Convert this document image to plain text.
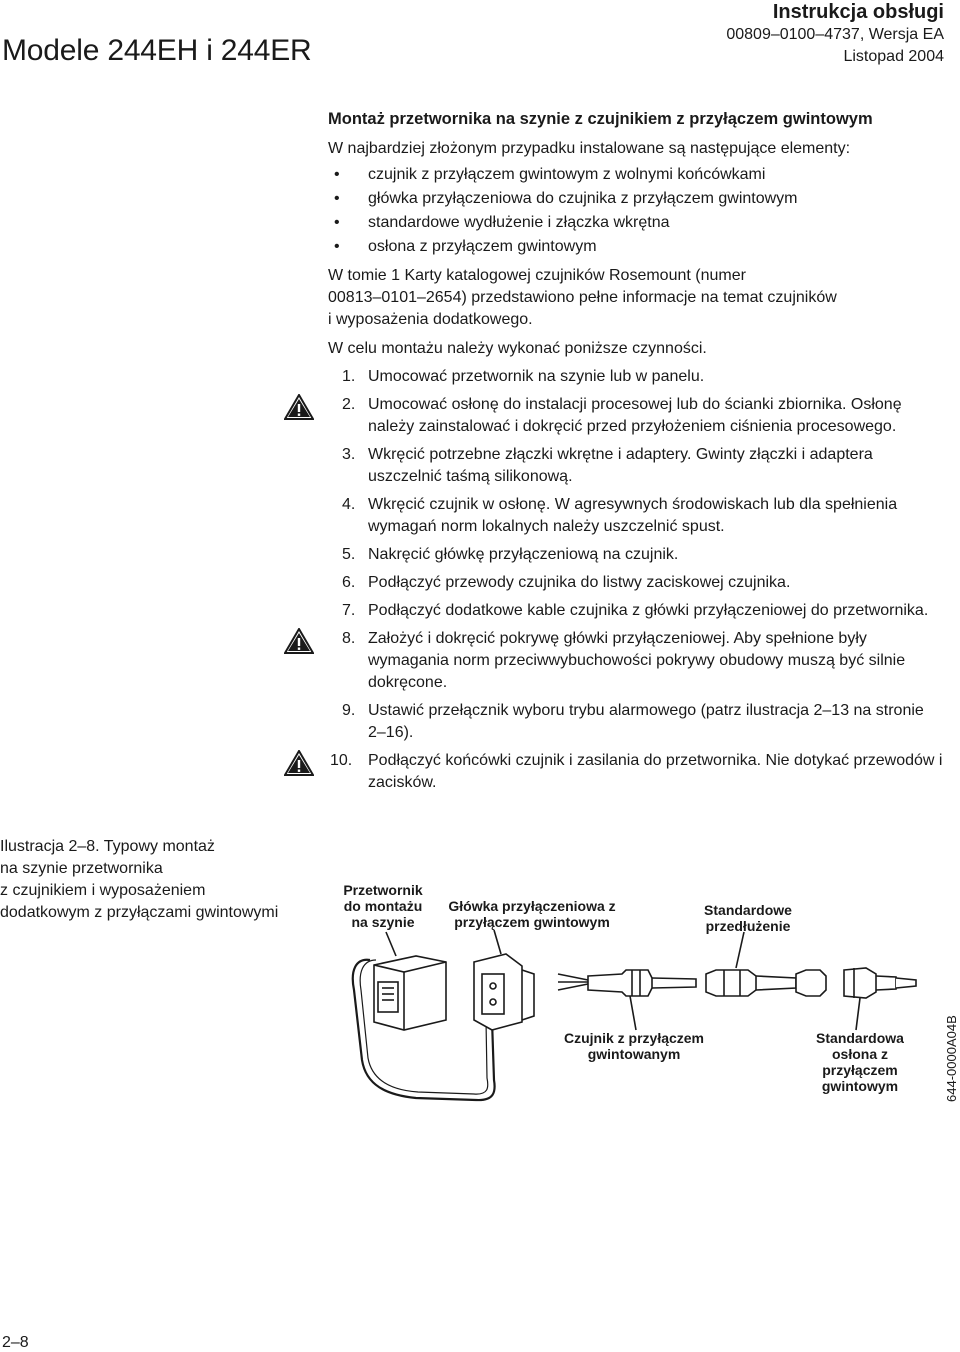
Modele 244EH i 244ER
Instrukcja obsługi
00809–0100–4737, Wersja EA
Listopad 2004
Montaż przetwornika na szynie z czujnikiem z przyłączem gwintowym

W najbardziej złożonym przypadku instalowane są następujące elementy:

• czujnik z przyłączem gwintowym z wolnymi końcówkami
• główka przyłączeniowa do czujnika z przyłączem gwintowym
• standardowe wydłużenie i złączka wkrętna
• osłona z przyłączem gwintowym

W tomie 1 Karty katalogowej czujników Rosemount (numer
00813–0101–2654) przedstawiono pełne informacje na temat czujników
i wyposażenia dodatkowego.

W celu montażu należy wykonać poniższe czynności.

1. Umocować przetwornik na szynie lub w panelu.
2. Umocować osłonę do instalacji procesowej lub do ścianki zbiornika. Osłonę należy zainstalować i dokręcić przed przyłożeniem ciśnienia procesowego.
3. Wkręcić potrzebne złączki wkrętne i adaptery. Gwinty złączki i adaptera uszczelnić taśmą silikonową.
4. Wkręcić czujnik w osłonę. W agresywnych środowiskach lub dla spełnienia wymagań norm lokalnych należy uszczelnić spust.
5. Nakręcić główkę przyłączeniową na czujnik.
6. Podłączyć przewody czujnika do listwy zaciskowej czujnika.
7. Podłączyć dodatkowe kable czujnika z główki przyłączeniowej do przetwornika.
8. Założyć i dokręcić pokrywę główki przyłączeniowej. Aby spełnione były wymagania norm przeciwwybuchowości pokrywy obudowy muszą być silnie dokręcone.
9. Ustawić przełącznik wyboru trybu alarmowego (patrz ilustracja 2–13 na stronie 2–16).
10. Podłączyć końcówki czujnik i zasilania do przetwornika. Nie dotykać przewodów i zacisków.
Ilustracja 2–8. Typowy montaż
na szynie przetwornika
z czujnikiem i wyposażeniem
dodatkowym z przyłączami gwintowymi
Przetwornik
do montażu
na szynie
Główka przyłączeniowa z
przyłączem gwintowym
Standardowe
przedłużenie
Czujnik z przyłączem
gwintowanym
Standardowa
osłona z
przyłączem
gwintowym	644-0000A04B
2–8
